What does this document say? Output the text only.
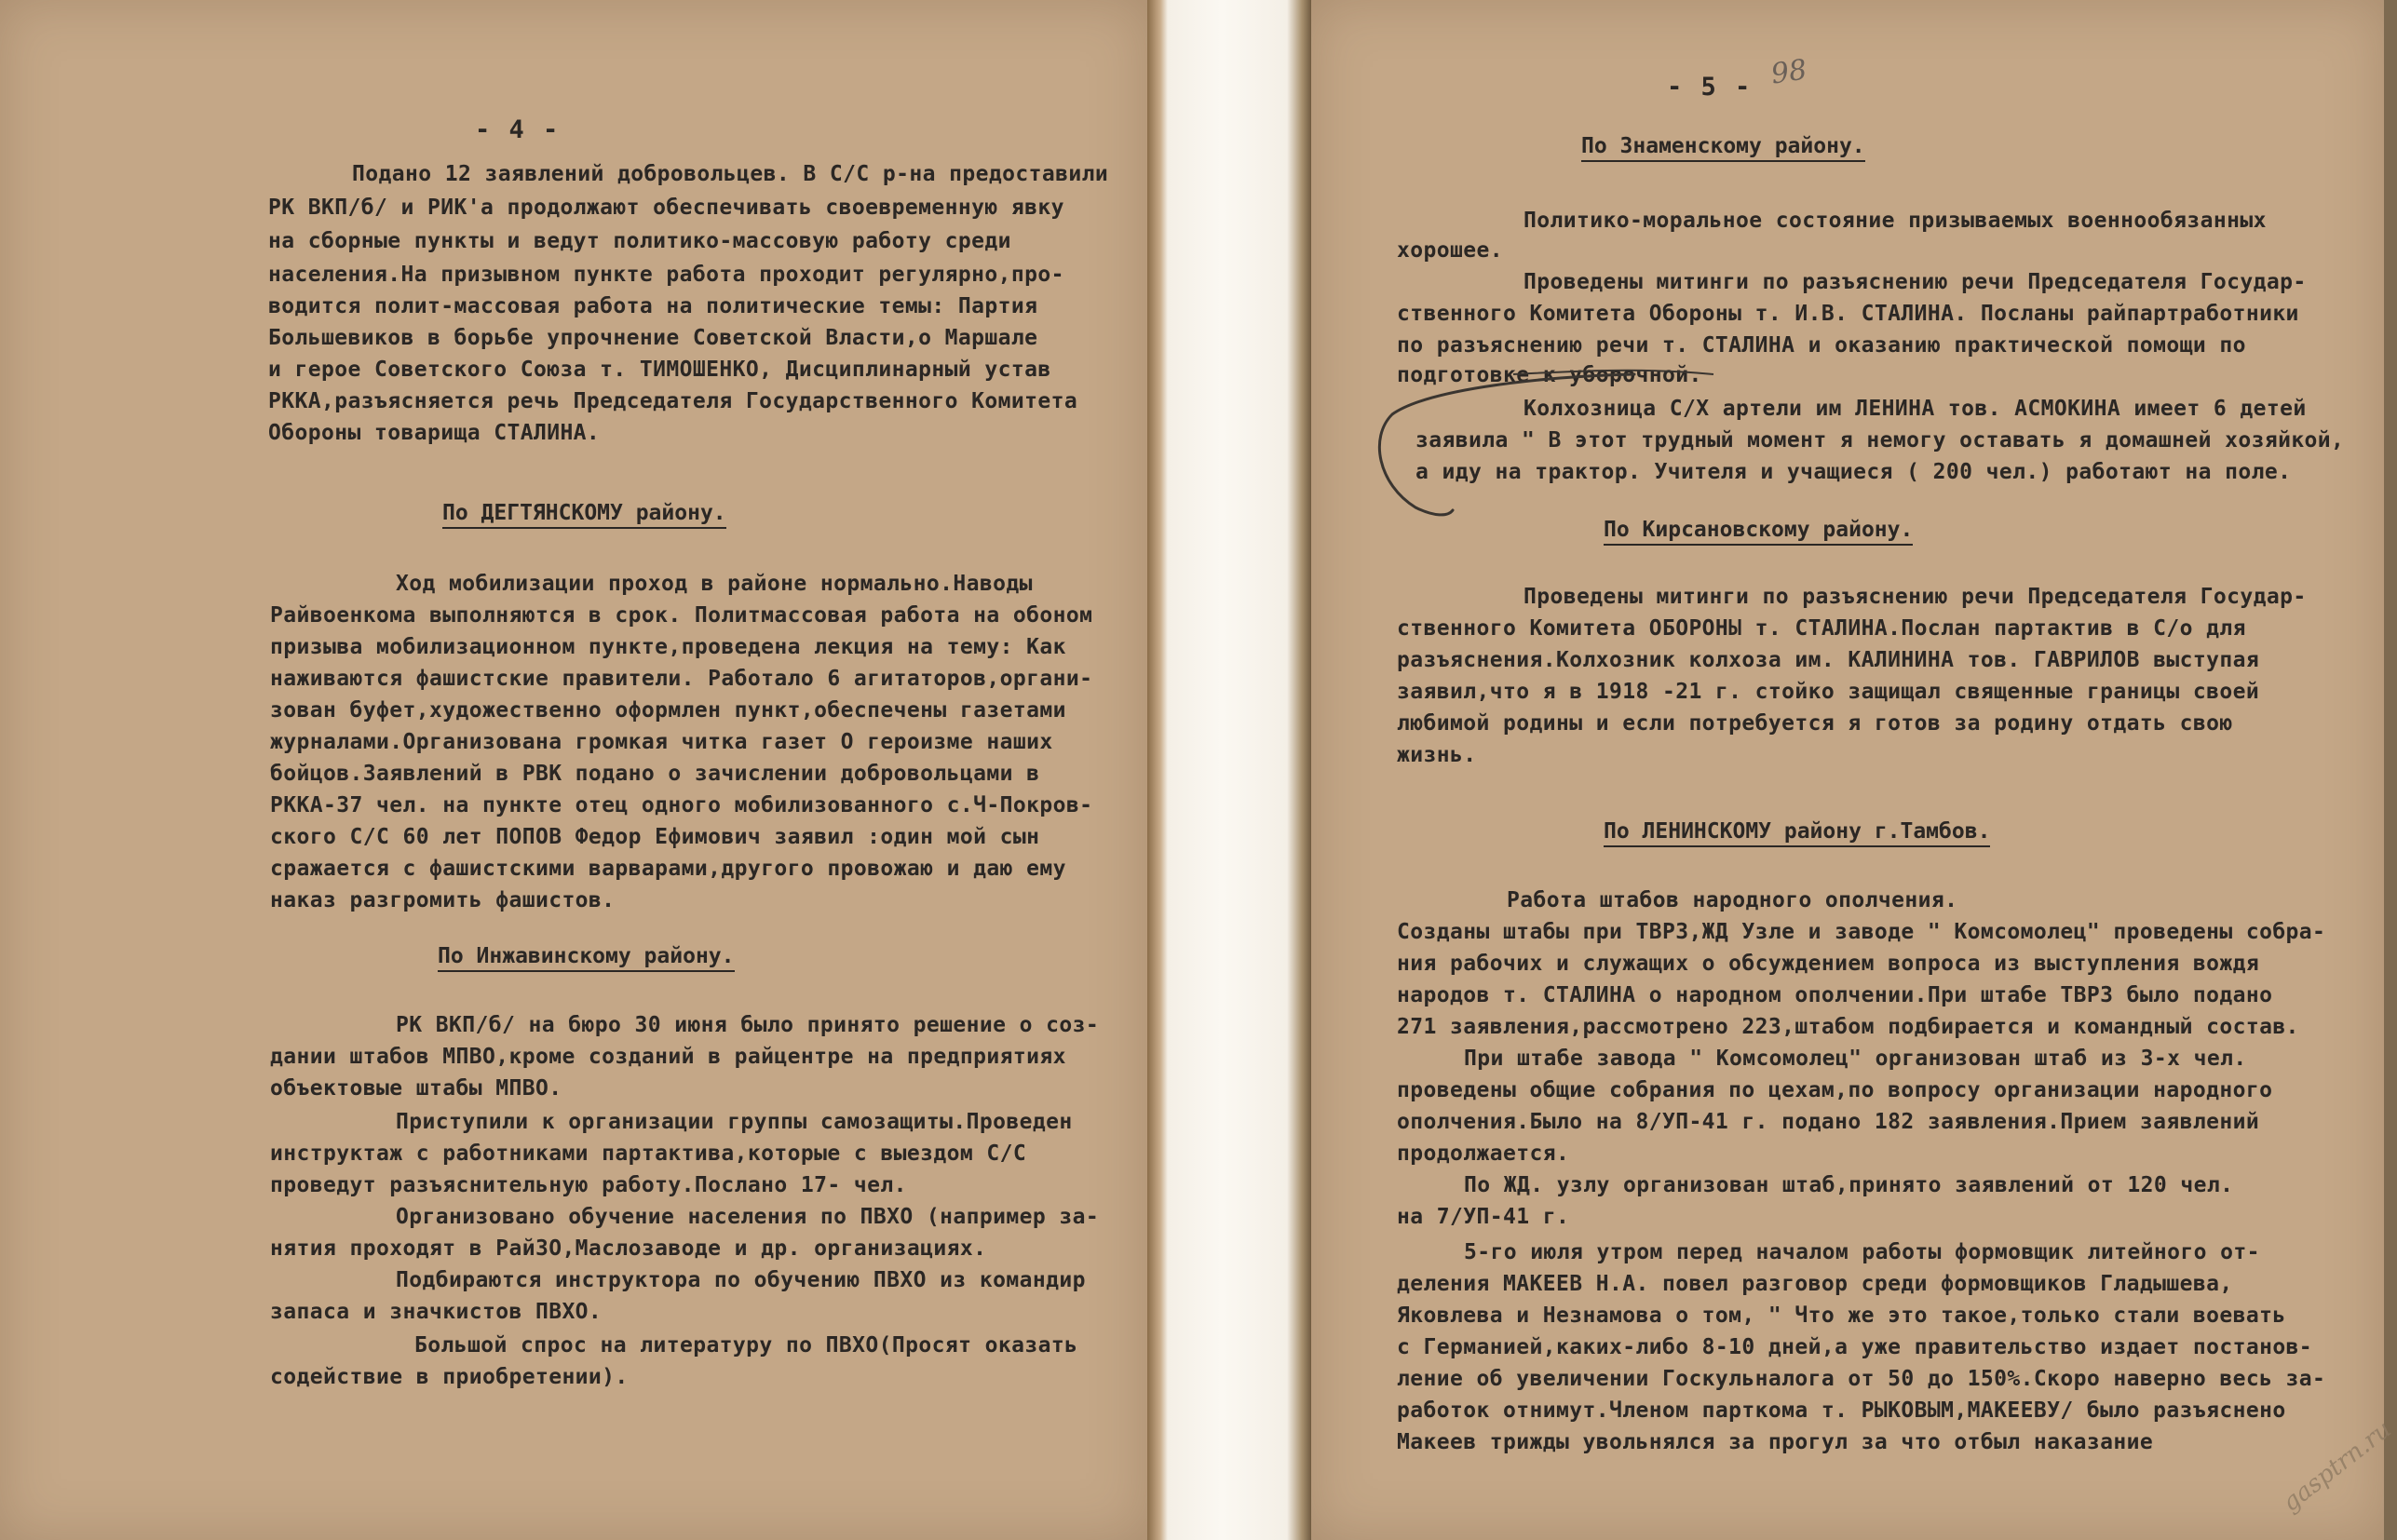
- 4 -
Подано 12 заявлений добровольцев. В С/С р-на предоставили
РК ВКП/б/ и РИК'а продолжают обеспечивать своевременную явку
на сборные пункты и ведут политико-массовую работу среди
населения.На призывном пункте работа проходит регулярно,про-
водится полит-массовая работа на политические темы: Партия
Большевиков в борьбе упрочнение Советской Власти,о Маршале
и герое Советского Союза т. ТИМОШЕНКО, Дисциплинарный устав
РККА,разъясняется речь Председателя Государственного Комитета
Обороны товарища СТАЛИНА.
По ДЕГТЯНСКОМУ району.
Ход мобилизации проход в районе нормально.Наводы
Райвоенкома выполняются в срок. Политмассовая работа на обоном
призыва мобилизационном пункте,проведена лекция на тему: Как
наживаются фашистские правители. Работало 6 агитаторов,органи-
зован буфет,художественно оформлен пункт,обеспечены газетами
журналами.Организована громкая читка газет О героизме наших
бойцов.Заявлений в РВК подано о зачислении добровольцами в
РККА-37 чел. на пункте отец одного мобилизованного с.Ч-Покров-
ского С/С 60 лет ПОПОВ Федор Ефимович заявил :один мой сын
сражается с фашистскими варварами,другого провожаю и даю ему
наказ разгромить фашистов.
По Инжавинскому району.
РК ВКП/б/ на бюро 30 июня было принято решение о соз-
дании штабов МПВО,кроме созданий в райцентре на предприятиях
объектовые штабы МПВО.
Приступили к организации группы самозащиты.Проведен
инструктаж с работниками партактива,которые с выездом С/С
проведут разъяснительную работу.Послано 17- чел.
Организовано обучение населения по ПВХО (например за-
нятия проходят в РайЗО,Маслозаводе и др. организациях.
Подбираются инструктора по обучению ПВХО из командир
запаса и значкистов ПВХО.
Большой спрос на литературу по ПВХО(Просят оказать
содействие в приобретении).
- 5 - 98
По Знаменскому району.
Политико-моральное состояние призываемых военнообязанных
хорошее.
Проведены митинги по разъяснению речи Председателя Государ-
ственного Комитета Обороны т. И.В. СТАЛИНА. Посланы райпартработники
по разъяснению речи т. СТАЛИНА и оказанию практической помощи по
подготовке к уборочной.
Колхозница С/Х артели им ЛЕНИНА тов. АСМОКИНА имеет 6 детей
заявила " В этот трудный момент я немогу оставать я домашней хозяйкой,
а иду на трактор. Учителя и учащиеся ( 200 чел.) работают на поле.
По Кирсановскому району.
Проведены митинги по разъяснению речи Председателя Государ-
ственного Комитета ОБОРОНЫ т. СТАЛИНА.Послан партактив в С/о для
разъяснения.Колхозник колхоза им. КАЛИНИНА тов. ГАВРИЛОВ выступая
заявил,что я в 1918 -21 г. стойко защищал священные границы своей
любимой родины и если потребуется я готов за родину отдать свою
жизнь.
По ЛЕНИНСКОМУ району г.Тамбов.
Работа штабов народного ополчения.
Созданы штабы при ТВРЗ,ЖД Узле и заводе " Комсомолец" проведены собра-
ния рабочих и служащих о обсуждением вопроса из выступления вождя
народов т. СТАЛИНА о народном ополчении.При штабе ТВРЗ было подано
271 заявления,рассмотрено 223,штабом подбирается и командный состав.
При штабе завода " Комсомолец" организован штаб из 3-х чел.
проведены общие собрания по цехам,по вопросу организации народного
ополчения.Было на 8/УП-41 г. подано 182 заявления.Прием заявлений
продолжается.
По ЖД. узлу организован штаб,принято заявлений от 120 чел.
на 7/УП-41 г.
5-го июля утром перед началом работы формовщик литейного от-
деления МАКЕЕВ Н.А. повел разговор среди формовщиков Гладышева,
Яковлева и Незнамова о том, " Что же это такое,только стали воевать
с Германией,каких-либо 8-10 дней,а уже правительство издает постанов-
ление об увеличении Госкульналога от 50 до 150%.Скоро наверно весь за-
работок отнимут.Членом парткома т. РЫКОВЫМ,МАКЕЕВУ/ было разъяснено
Макеев трижды увольнялся за прогул за что отбыл наказание	gasptrn.ru
